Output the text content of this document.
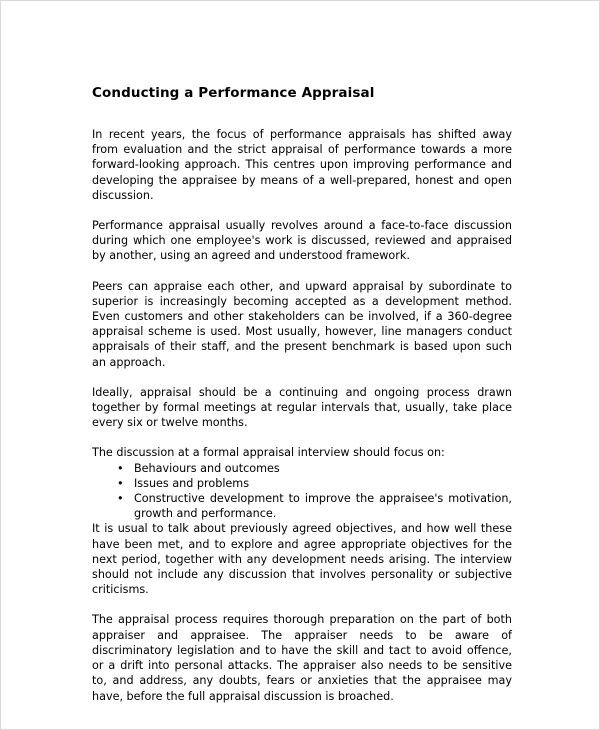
Conducting a Performance Appraisal

In recent years, the focus of performance appraisals has shifted away from evaluation and the strict appraisal of performance towards a more forward-looking approach. This centres upon improving performance and developing the appraisee by means of a well-prepared, honest and open discussion.

Performance appraisal usually revolves around a face-to-face discussion during which one employee's work is discussed, reviewed and appraised by another, using an agreed and understood framework.

Peers can appraise each other, and upward appraisal by subordinate to superior is increasingly becoming accepted as a development method. Even customers and other stakeholders can be involved, if a 360-degree appraisal scheme is used. Most usually, however, line managers conduct appraisals of their staff, and the present benchmark is based upon such an approach.

Ideally, appraisal should be a continuing and ongoing process drawn together by formal meetings at regular intervals that, usually, take place every six or twelve months.

The discussion at a formal appraisal interview should focus on:

• Behaviours and outcomes
• Issues and problems
• Constructive development to improve the appraisee's motivation, growth and performance.

It is usual to talk about previously agreed objectives, and how well these have been met, and to explore and agree appropriate objectives for the next period, together with any development needs arising. The interview should not include any discussion that involves personality or subjective criticisms.

The appraisal process requires thorough preparation on the part of both appraiser and appraisee. The appraiser needs to be aware of discriminatory legislation and to have the skill and tact to avoid offence, or a drift into personal attacks. The appraiser also needs to be sensitive to, and address, any doubts, fears or anxieties that the appraisee may have, before the full appraisal discussion is broached.
